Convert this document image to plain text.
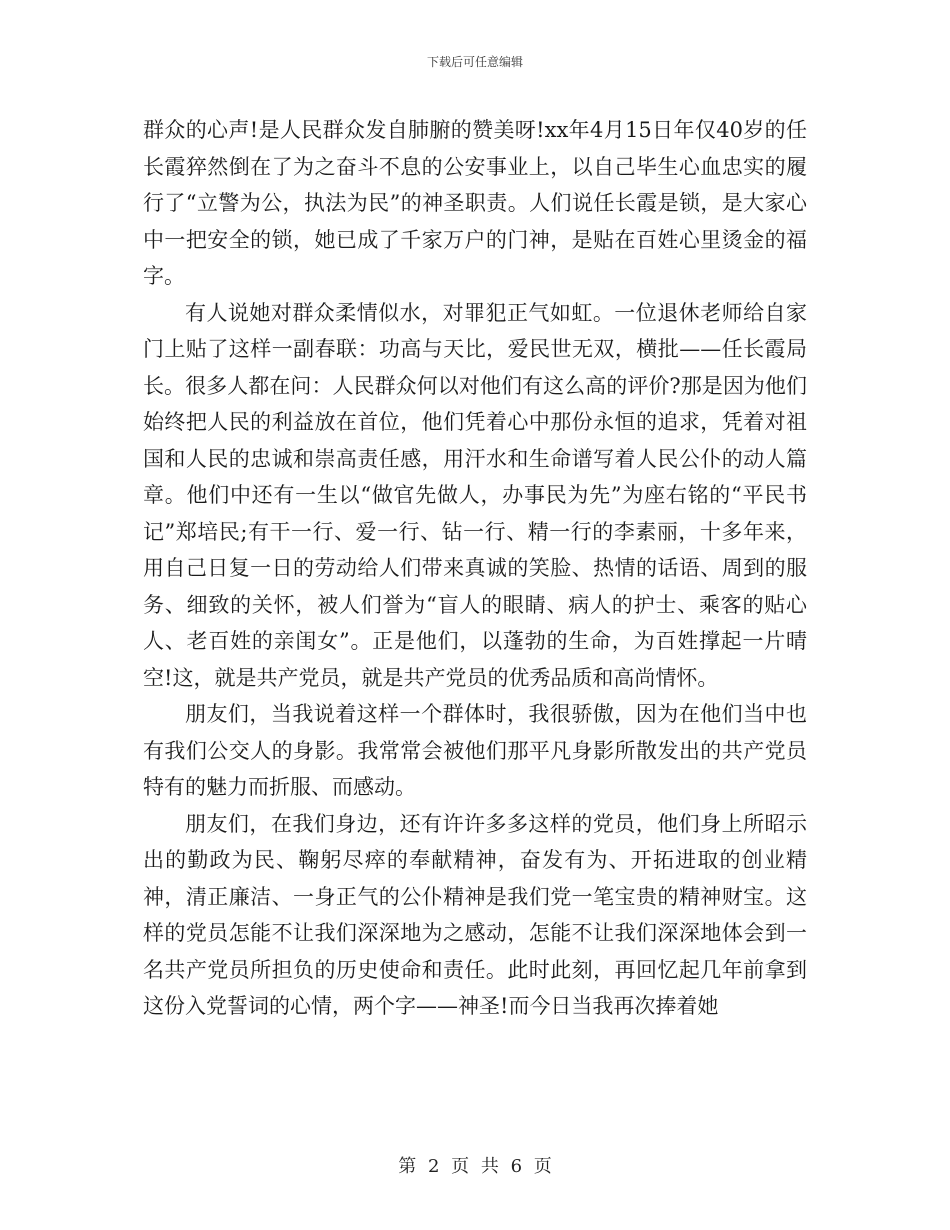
下载后可任意编辑

群众的心声!是人民群众发自肺腑的赞美呀!xx年4月15日年仅40岁的任长霞猝然倒在了为之奋斗不息的公安事业上，以自己毕生心血忠实的履行了“立警为公，执法为民”的神圣职责。人们说任长霞是锁，是大家心中一把安全的锁，她已成了千家万户的门神，是贴在百姓心里烫金的福字。

有人说她对群众柔情似水，对罪犯正气如虹。一位退休老师给自家门上贴了这样一副春联：功高与天比，爱民世无双，横批——任长霞局长。很多人都在问：人民群众何以对他们有这么高的评价?那是因为他们始终把人民的利益放在首位，他们凭着心中那份永恒的追求，凭着对祖国和人民的忠诚和崇高责任感，用汗水和生命谱写着人民公仆的动人篇章。他们中还有一生以“做官先做人，办事民为先”为座右铭的“平民书记”郑培民;有干一行、爱一行、钻一行、精一行的李素丽，十多年来，用自己日复一日的劳动给人们带来真诚的笑脸、热情的话语、周到的服务、细致的关怀，被人们誉为“盲人的眼睛、病人的护士、乘客的贴心人、老百姓的亲闺女”。正是他们，以蓬勃的生命，为百姓撑起一片晴空!这，就是共产党员，就是共产党员的优秀品质和高尚情怀。

朋友们，当我说着这样一个群体时，我很骄傲，因为在他们当中也有我们公交人的身影。我常常会被他们那平凡身影所散发出的共产党员特有的魅力而折服、而感动。

朋友们，在我们身边，还有许许多多这样的党员，他们身上所昭示出的勤政为民、鞠躬尽瘁的奉献精神，奋发有为、开拓进取的创业精神，清正廉洁、一身正气的公仆精神是我们党一笔宝贵的精神财宝。这样的党员怎能不让我们深深地为之感动，怎能不让我们深深地体会到一名共产党员所担负的历史使命和责任。此时此刻，再回忆起几年前拿到这份入党誓词的心情，两个字——神圣!而今日当我再次捧着她

第 2 页 共 6 页
